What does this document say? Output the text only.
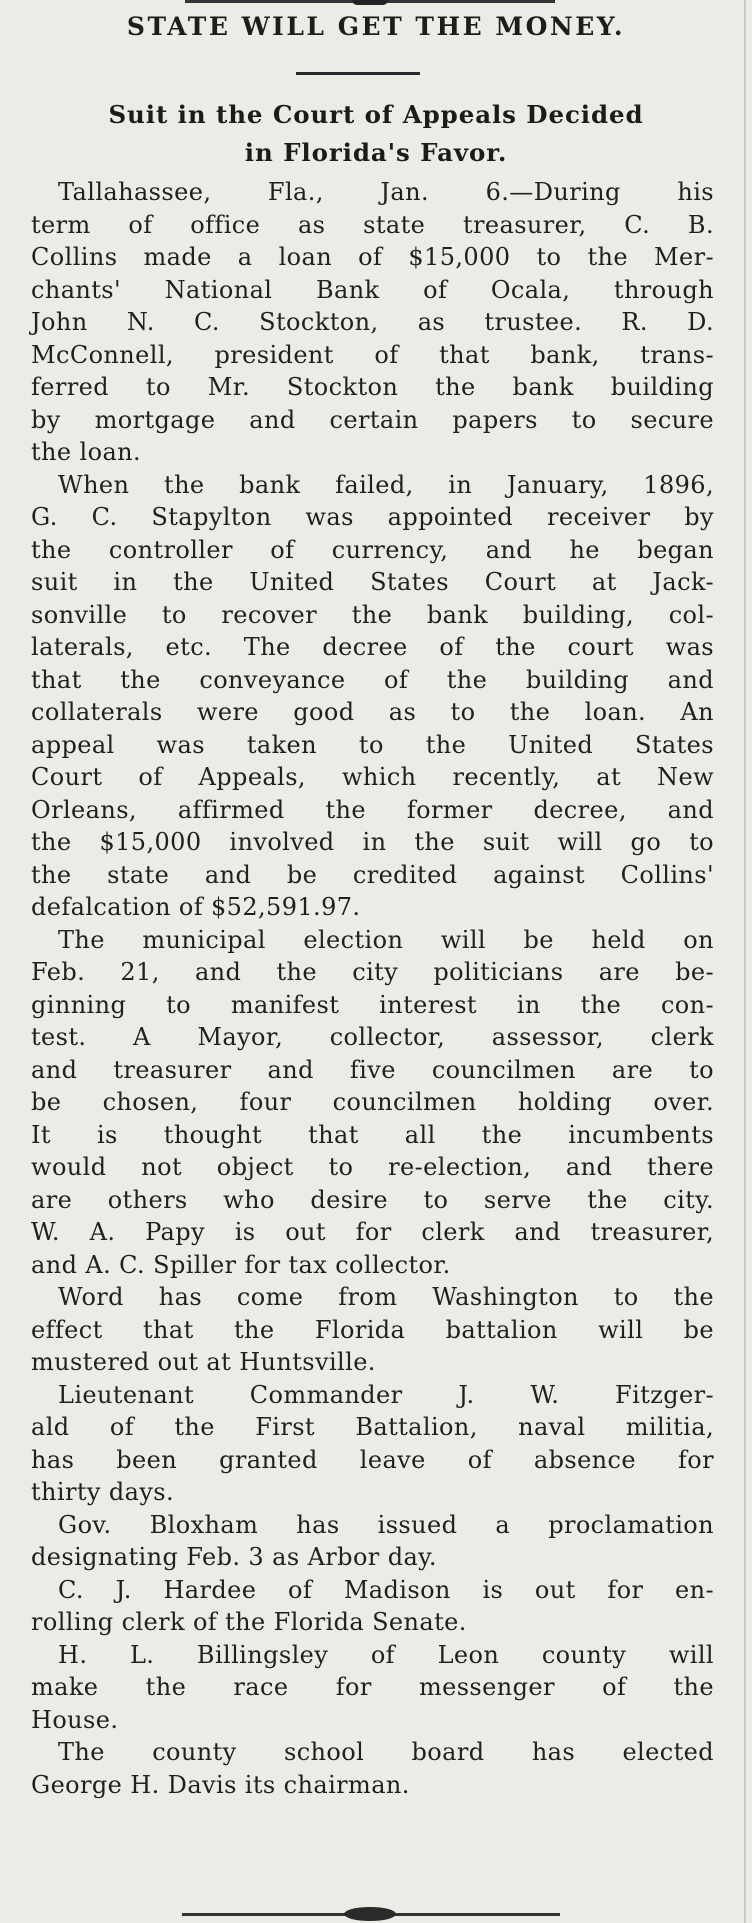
STATE WILL GET THE MONEY.
Suit in the Court of Appeals Decided
in Florida's Favor.
Tallahassee, Fla., Jan. 6.—During his
term of office as state treasurer, C. B.
Collins made a loan of $15,000 to the Mer-
chants' National Bank of Ocala, through
John N. C. Stockton, as trustee. R. D.
McConnell, president of that bank, trans-
ferred to Mr. Stockton the bank building
by mortgage and certain papers to secure
the loan.
When the bank failed, in January, 1896,
G. C. Stapylton was appointed receiver by
the controller of currency, and he began
suit in the United States Court at Jack-
sonville to recover the bank building, col-
laterals, etc. The decree of the court was
that the conveyance of the building and
collaterals were good as to the loan. An
appeal was taken to the United States
Court of Appeals, which recently, at New
Orleans, affirmed the former decree, and
the $15,000 involved in the suit will go to
the state and be credited against Collins'
defalcation of $52,591.97.
The municipal election will be held on
Feb. 21, and the city politicians are be-
ginning to manifest interest in the con-
test. A Mayor, collector, assessor, clerk
and treasurer and five councilmen are to
be chosen, four councilmen holding over.
It is thought that all the incumbents
would not object to re-election, and there
are others who desire to serve the city.
W. A. Papy is out for clerk and treasurer,
and A. C. Spiller for tax collector.
Word has come from Washington to the
effect that the Florida battalion will be
mustered out at Huntsville.
Lieutenant Commander J. W. Fitzger-
ald of the First Battalion, naval militia,
has been granted leave of absence for
thirty days.
Gov. Bloxham has issued a proclamation
designating Feb. 3 as Arbor day.
C. J. Hardee of Madison is out for en-
rolling clerk of the Florida Senate.
H. L. Billingsley of Leon county will
make the race for messenger of the
House.
The county school board has elected
George H. Davis its chairman.
